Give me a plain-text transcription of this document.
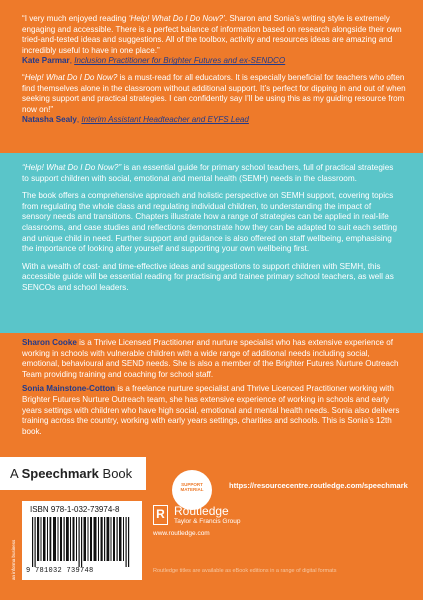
“I very much enjoyed reading ‘Help! What Do I Do Now?’. Sharon and Sonia’s writing style is extremely engaging and accessible. There is a perfect balance of information based on research alongside their own tried-and-tested ideas and suggestions. All of the toolbox, activity and resources ideas are amazing and incredibly useful to have in one place.”

Kate Parmar, Inclusion Practitioner for Brighter Futures and ex-SENDCO

“Help! What Do I Do Now? is a must-read for all educators. It is especially beneficial for teachers who often find themselves alone in the classroom without additional support. It’s perfect for dipping in and out of when seeking support and practical strategies. I can confidently say I’ll be using this as my guiding resource from now on!”

Natasha Sealy, Interim Assistant Headteacher and EYFS Lead

“Help! What Do I Do Now?” is an essential guide for primary school teachers, full of practical strategies to support children with social, emotional and mental health (SEMH) needs in the classroom.

The book offers a comprehensive approach and holistic perspective on SEMH support, covering topics from regulating the whole class and regulating individual children, to understanding the impact of sensory needs and transitions. Chapters illustrate how a range of strategies can be applied in real-life classrooms, and case studies and reflections demonstrate how they can be adapted to suit each setting and unique child in need. Further support and guidance is also offered on staff wellbeing, emphasising the importance of looking after yourself and supporting your own wellbeing first.

With a wealth of cost- and time-effective ideas and suggestions to support children with SEMH, this accessible guide will be essential reading for practising and trainee primary school teachers, as well as SENCOs and school leaders.

Sharon Cooke is a Thrive Licensed Practitioner and nurture specialist who has extensive experience of working in schools with vulnerable children with a wide range of additional needs including social, emotional, behavioural and SEND needs. She is also a member of the Brighter Futures Nurture Outreach Team providing training and coaching for school staff.

Sonia Mainstone-Cotton is a freelance nurture specialist and Thrive Licenced Practitioner working with Brighter Futures Nurture Outreach team, she has extensive experience of working in schools and early years settings with children who have high social, emotional and mental health needs. Sonia also delivers training across the country, working with early years settings, charities and schools. This is Sonia’s 12th book.

A Speechmark Book
SUPPORT MATERIAL	https://resourcecentre.routledge.com/speechmark
an informa business
ISBN 978-1-032-73974-8
9 781032 739748
R Routledge
Taylor & Francis Group
www.routledge.com
Routledge titles are available as eBook editions in a range of digital formats
